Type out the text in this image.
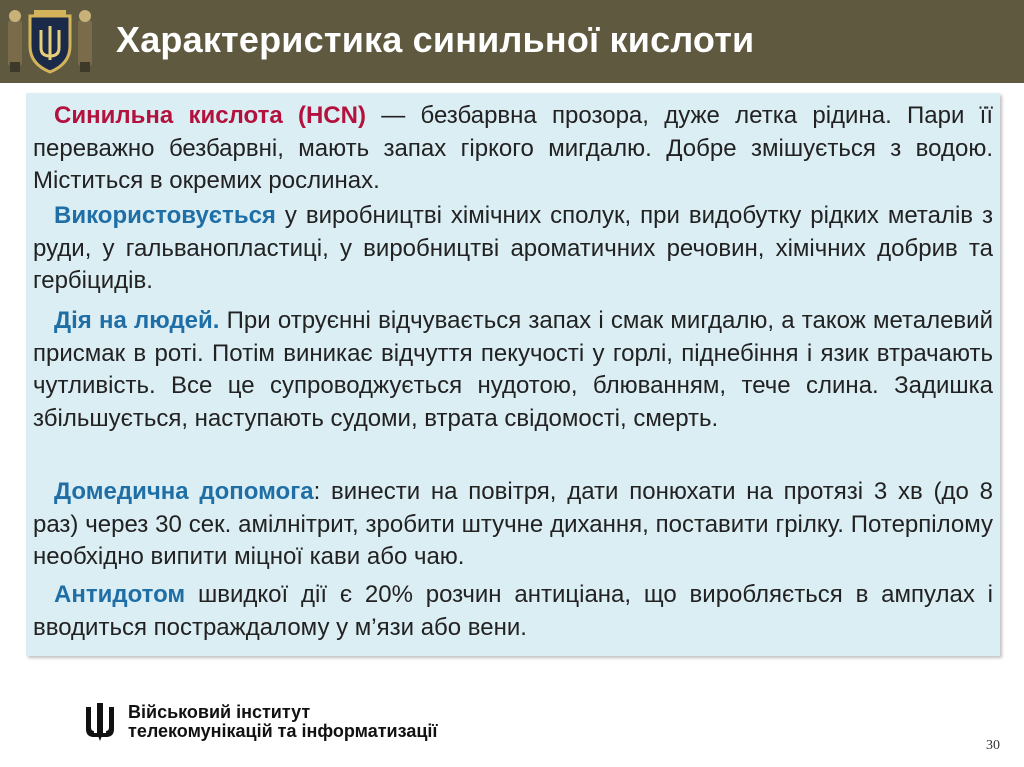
Характеристика синильної кислоти

Синильна кислота (HCN) — безбарвна прозора, дуже летка рідина. Пари її переважно безбарвні, мають запах гіркого мигдалю. Добре змішується з водою. Міститься в окремих рослинах.

Використовується у виробництві хімічних сполук, при видобутку рідких металів з руди, у гальванопластиці, у виробництві ароматичних речовин, хімічних добрив та гербіцидів.

Дія на людей. При отруєнні відчувається запах і смак мигдалю, а також металевий присмак в роті. Потім виникає відчуття пекучості у горлі, піднебіння і язик втрачають чутливість. Все це супроводжується нудотою, блюванням, тече слина. Задишка збільшується, наступають судоми, втрата свідомості, смерть.

Домедична допомога: винести на повітря, дати понюхати на протязі 3 хв (до 8 раз) через 30 сек. амілнітрит, зробити штучне дихання, поставити грілку. Потерпілому необхідно випити міцної кави або чаю.

Антидотом швидкої дії є 20% розчин антиціана, що виробляється в ампулах і вводиться постраждалому у м’язи або вени.

Військовий інститут
телекомунікацій та інформатизації
30
